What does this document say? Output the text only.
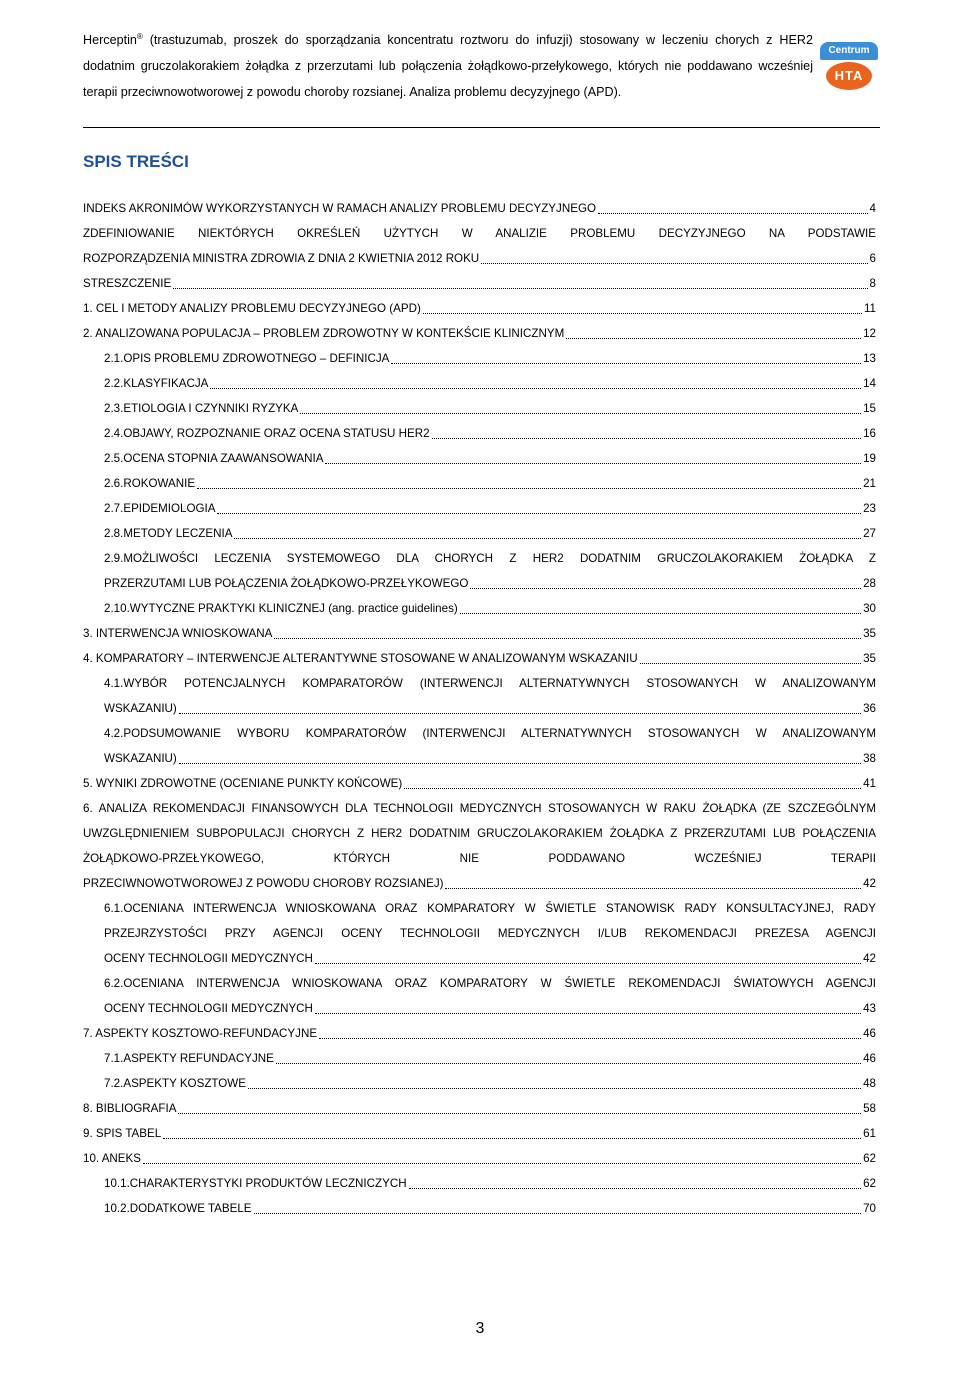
Herceptin® (trastuzumab, proszek do sporządzania koncentratu roztworu do infuzji) stosowany w leczeniu chorych z HER2 dodatnim gruczolakorakiem żołądka z przerzutami lub połączenia żołądkowo-przełykowego, których nie poddawano wcześniej terapii przeciwnowotworowej z powodu choroby rozsianej. Analiza problemu decyzyjnego (APD).
Centrum
HTA
SPIS TREŚCI
INDEKS AKRONIMÓW WYKORZYSTANYCH W RAMACH ANALIZY PROBLEMU DECYZYJNEGO	4
ZDEFINIOWANIE NIEKTÓRYCH OKREŚLEŃ UŻYTYCH W ANALIZIE PROBLEMU DECYZYJNEGO NA PODSTAWIE
ROZPORZĄDZENIA MINISTRA ZDROWIA Z DNIA 2 KWIETNIA 2012 ROKU	6
STRESZCZENIE	8
1. CEL I METODY ANALIZY PROBLEMU DECYZYJNEGO (APD)	11
2. ANALIZOWANA POPULACJA – PROBLEM ZDROWOTNY W KONTEKŚCIE KLINICZNYM	12
2.1.OPIS PROBLEMU ZDROWOTNEGO – DEFINICJA	13
2.2.KLASYFIKACJA	14
2.3.ETIOLOGIA I CZYNNIKI RYZYKA	15
2.4.OBJAWY, ROZPOZNANIE ORAZ OCENA STATUSU HER2	16
2.5.OCENA STOPNIA ZAAWANSOWANIA	19
2.6.ROKOWANIE	21
2.7.EPIDEMIOLOGIA	23
2.8.METODY LECZENIA	27
2.9.MOŻLIWOŚCI LECZENIA SYSTEMOWEGO DLA CHORYCH Z HER2 DODATNIM GRUCZOLAKORAKIEM ŻOŁĄDKA Z
PRZERZUTAMI LUB POŁĄCZENIA ŻOŁĄDKOWO-PRZEŁYKOWEGO	28
2.10.WYTYCZNE PRAKTYKI KLINICZNEJ (ang. practice guidelines)	30
3. INTERWENCJA WNIOSKOWANA	35
4. KOMPARATORY – INTERWENCJE ALTERANTYWNE STOSOWANE W ANALIZOWANYM WSKAZANIU	35
4.1.WYBÓR POTENCJALNYCH KOMPARATORÓW (INTERWENCJI ALTERNATYWNYCH STOSOWANYCH W ANALIZOWANYM
WSKAZANIU)	36
4.2.PODSUMOWANIE WYBORU KOMPARATORÓW (INTERWENCJI ALTERNATYWNYCH STOSOWANYCH W ANALIZOWANYM
WSKAZANIU)	38
5. WYNIKI ZDROWOTNE (OCENIANE PUNKTY KOŃCOWE)	41
6. ANALIZA REKOMENDACJI FINANSOWYCH DLA TECHNOLOGII MEDYCZNYCH STOSOWANYCH W RAKU ŻOŁĄDKA (ZE SZCZEGÓLNYM UWZGLĘDNIENIEM SUBPOPULACJI CHORYCH Z HER2 DODATNIM GRUCZOLAKORAKIEM ŻOŁĄDKA Z PRZERZUTAMI LUB POŁĄCZENIA ŻOŁĄDKOWO-PRZEŁYKOWEGO, KTÓRYCH NIE PODDAWANO WCZEŚNIEJ TERAPII
PRZECIWNOWOTWOROWEJ Z POWODU CHOROBY ROZSIANEJ)	42
6.1.OCENIANA INTERWENCJA WNIOSKOWANA ORAZ KOMPARATORY W ŚWIETLE STANOWISK RADY KONSULTACYJNEJ, RADY PRZEJRZYSTOŚCI PRZY AGENCJI OCENY TECHNOLOGII MEDYCZNYCH I/LUB REKOMENDACJI PREZESA AGENCJI
OCENY TECHNOLOGII MEDYCZNYCH	42
6.2.OCENIANA INTERWENCJA WNIOSKOWANA ORAZ KOMPARATORY W ŚWIETLE REKOMENDACJI ŚWIATOWYCH AGENCJI
OCENY TECHNOLOGII MEDYCZNYCH	43
7. ASPEKTY KOSZTOWO-REFUNDACYJNE	46
7.1.ASPEKTY REFUNDACYJNE	46
7.2.ASPEKTY KOSZTOWE	48
8. BIBLIOGRAFIA	58
9. SPIS TABEL	61
10. ANEKS	62
10.1.CHARAKTERYSTYKI PRODUKTÓW LECZNICZYCH	62
10.2.DODATKOWE TABELE	70
3
